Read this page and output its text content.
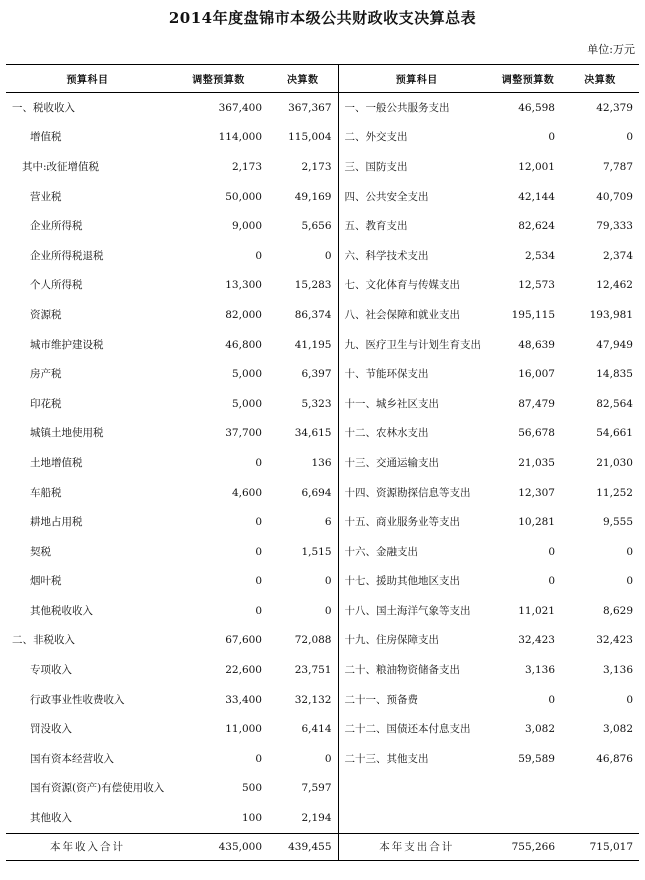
2014年度盘锦市本级公共财政收支决算总表
单位:万元
预算科目	调整预算数	决算数	预算科目	调整预算数	决算数
一、税收收入	367,400	367,367	一、一般公共服务支出	46,598	42,379
增值税	114,000	115,004	二、外交支出	0	0
其中:改征增值税	2,173	2,173	三、国防支出	12,001	7,787
营业税	50,000	49,169	四、公共安全支出	42,144	40,709
企业所得税	9,000	5,656	五、教育支出	82,624	79,333
企业所得税退税	0	0	六、科学技术支出	2,534	2,374
个人所得税	13,300	15,283	七、文化体育与传媒支出	12,573	12,462
资源税	82,000	86,374	八、社会保障和就业支出	195,115	193,981
城市维护建设税	46,800	41,195	九、医疗卫生与计划生育支出	48,639	47,949
房产税	5,000	6,397	十、节能环保支出	16,007	14,835
印花税	5,000	5,323	十一、城乡社区支出	87,479	82,564
城镇土地使用税	37,700	34,615	十二、农林水支出	56,678	54,661
土地增值税	0	136	十三、交通运输支出	21,035	21,030
车船税	4,600	6,694	十四、资源勘探信息等支出	12,307	11,252
耕地占用税	0	6	十五、商业服务业等支出	10,281	9,555
契税	0	1,515	十六、金融支出	0	0
烟叶税	0	0	十七、援助其他地区支出	0	0
其他税收收入	0	0	十八、国土海洋气象等支出	11,021	8,629
二、非税收入	67,600	72,088	十九、住房保障支出	32,423	32,423
专项收入	22,600	23,751	二十、粮油物资储备支出	3,136	3,136
行政事业性收费收入	33,400	32,132	二十一、预备费	0	0
罚没收入	11,000	6,414	二十二、国债还本付息支出	3,082	3,082
国有资本经营收入	0	0	二十三、其他支出	59,589	46,876
国有资源(资产)有偿使用收入	500	7,597			
其他收入	100	2,194			
本年收入合计	435,000	439,455	本年支出合计	755,266	715,017
